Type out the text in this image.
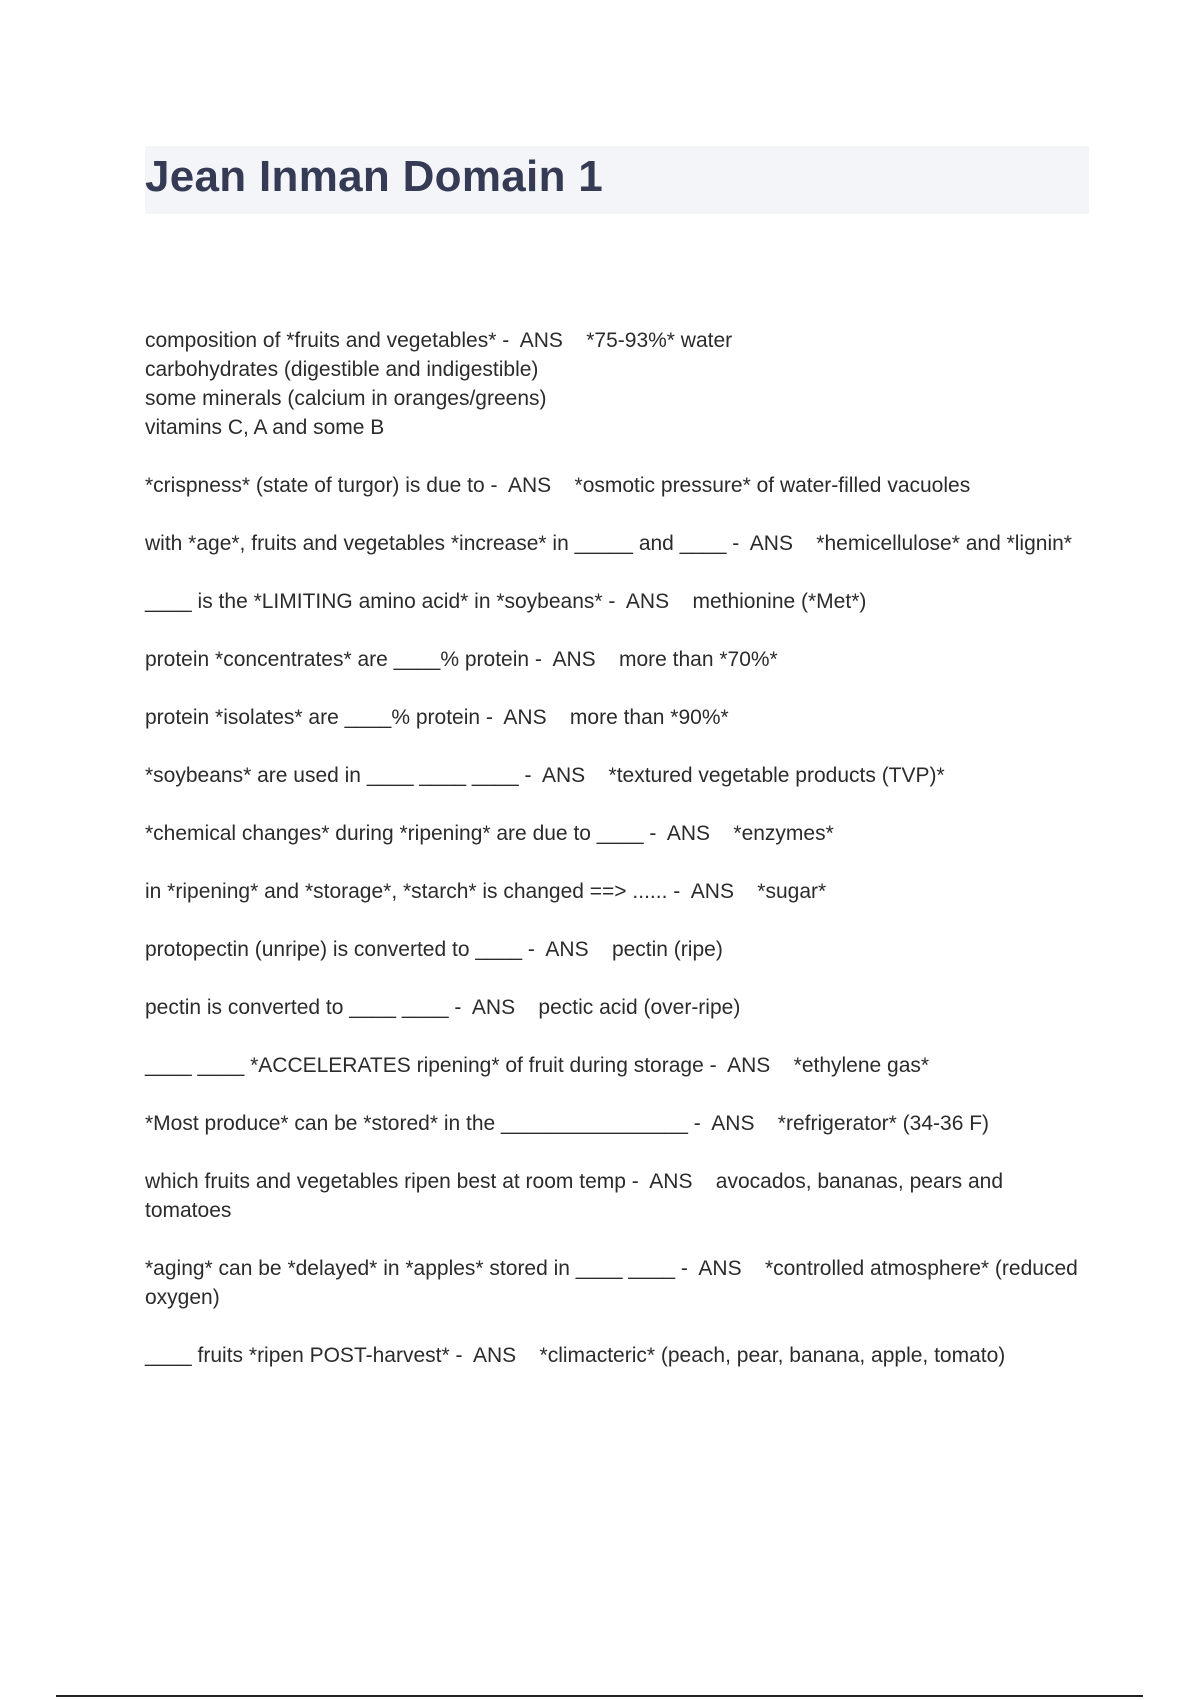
Jean Inman Domain 1
composition of *fruits and vegetables* -  ANS *75-93%* water
carbohydrates (digestible and indigestible)
some minerals (calcium in oranges/greens)
vitamins C, A and some B
*crispness* (state of turgor) is due to -  ANS *osmotic pressure* of water-filled vacuoles
with *age*, fruits and vegetables *increase* in _____ and ____ -  ANS *hemicellulose* and *lignin*
____ is the *LIMITING amino acid* in *soybeans* -  ANS methionine (*Met*)
protein *concentrates* are ____% protein -  ANS more than *70%*
protein *isolates* are ____% protein -  ANS more than *90%*
*soybeans* are used in ____ ____ ____ -  ANS *textured vegetable products (TVP)*
*chemical changes* during *ripening* are due to ____ -  ANS *enzymes*
in *ripening* and *storage*, *starch* is changed ==> ...... -  ANS *sugar*
protopectin (unripe) is converted to ____ -  ANS pectin (ripe)
pectin is converted to ____ ____ -  ANS pectic acid (over-ripe)
____ ____ *ACCELERATES ripening* of fruit during storage -  ANS *ethylene gas*
*Most produce* can be *stored* in the ________________ -  ANS *refrigerator* (34-36 F)
which fruits and vegetables ripen best at room temp -  ANS avocados, bananas, pears and tomatoes
*aging* can be *delayed* in *apples* stored in ____ ____ -  ANS *controlled atmosphere* (reduced oxygen)
____ fruits *ripen POST-harvest* -  ANS *climacteric* (peach, pear, banana, apple, tomato)
